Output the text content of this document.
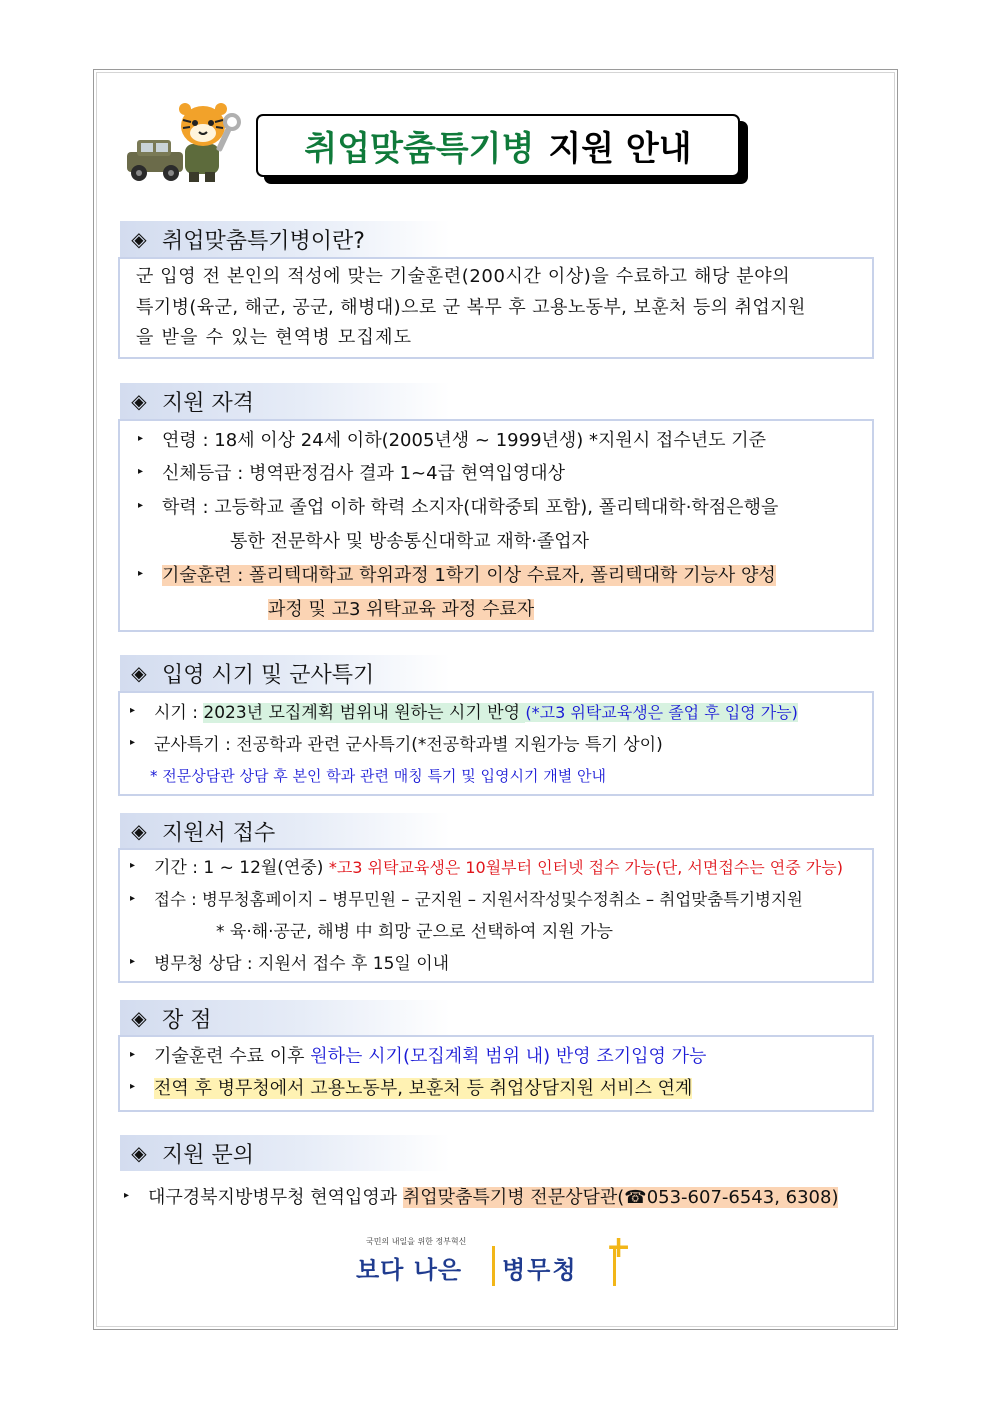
취업맞춤특기병 지원 안내
◈ 취업맞춤특기병이란?
군 입영 전 본인의 적성에 맞는 기술훈련(200시간 이상)을 수료하고 해당 분야의
특기병(육군, 해군, 공군, 해병대)으로 군 복무 후 고용노동부, 보훈처 등의 취업지원
을 받을 수 있는 현역병 모집제도
◈ 지원 자격
▸ 연령 : 18세 이상 24세 이하(2005년생 ~ 1999년생) *지원시 접수년도 기준
▸ 신체등급 : 병역판정검사 결과 1~4급 현역입영대상
▸ 학력 : 고등학교 졸업 이하 학력 소지자(대학중퇴 포함), 폴리텍대학·학점은행을
통한 전문학사 및 방송통신대학교 재학·졸업자
▸ 기술훈련 : 폴리텍대학교 학위과정 1학기 이상 수료자, 폴리텍대학 기능사 양성
과정 및 고3 위탁교육 과정 수료자
◈ 입영 시기 및 군사특기
▸ 시기 : 2023년 모집계획 범위내 원하는 시기 반영 (*고3 위탁교육생은 졸업 후 입영 가능)
▸ 군사특기 : 전공학과 관련 군사특기(*전공학과별 지원가능 특기 상이)
* 전문상담관 상담 후 본인 학과 관련 매칭 특기 및 입영시기 개별 안내
◈ 지원서 접수
▸ 기간 : 1 ~ 12월(연중) *고3 위탁교육생은 10월부터 인터넷 접수 가능(단, 서면접수는 연중 가능)
▸ 접수 : 병무청홈페이지 – 병무민원 – 군지원 – 지원서작성및수정취소 – 취업맞춤특기병지원
* 육·해·공군, 해병 中 희망 군으로 선택하여 지원 가능
▸ 병무청 상담 : 지원서 접수 후 15일 이내
◈ 장 점
▸ 기술훈련 수료 이후 원하는 시기(모집계획 범위 내) 반영 조기입영 가능
▸ 전역 후 병무청에서 고용노동부, 보훈처 등 취업상담지원 서비스 연계
◈ 지원 문의
▸ 대구경북지방병무청 현역입영과 취업맞춤특기병 전문상담관(☎053-607-6543, 6308)
국민의 내일을 위한 정부혁신
보다 나은 병무청
+
